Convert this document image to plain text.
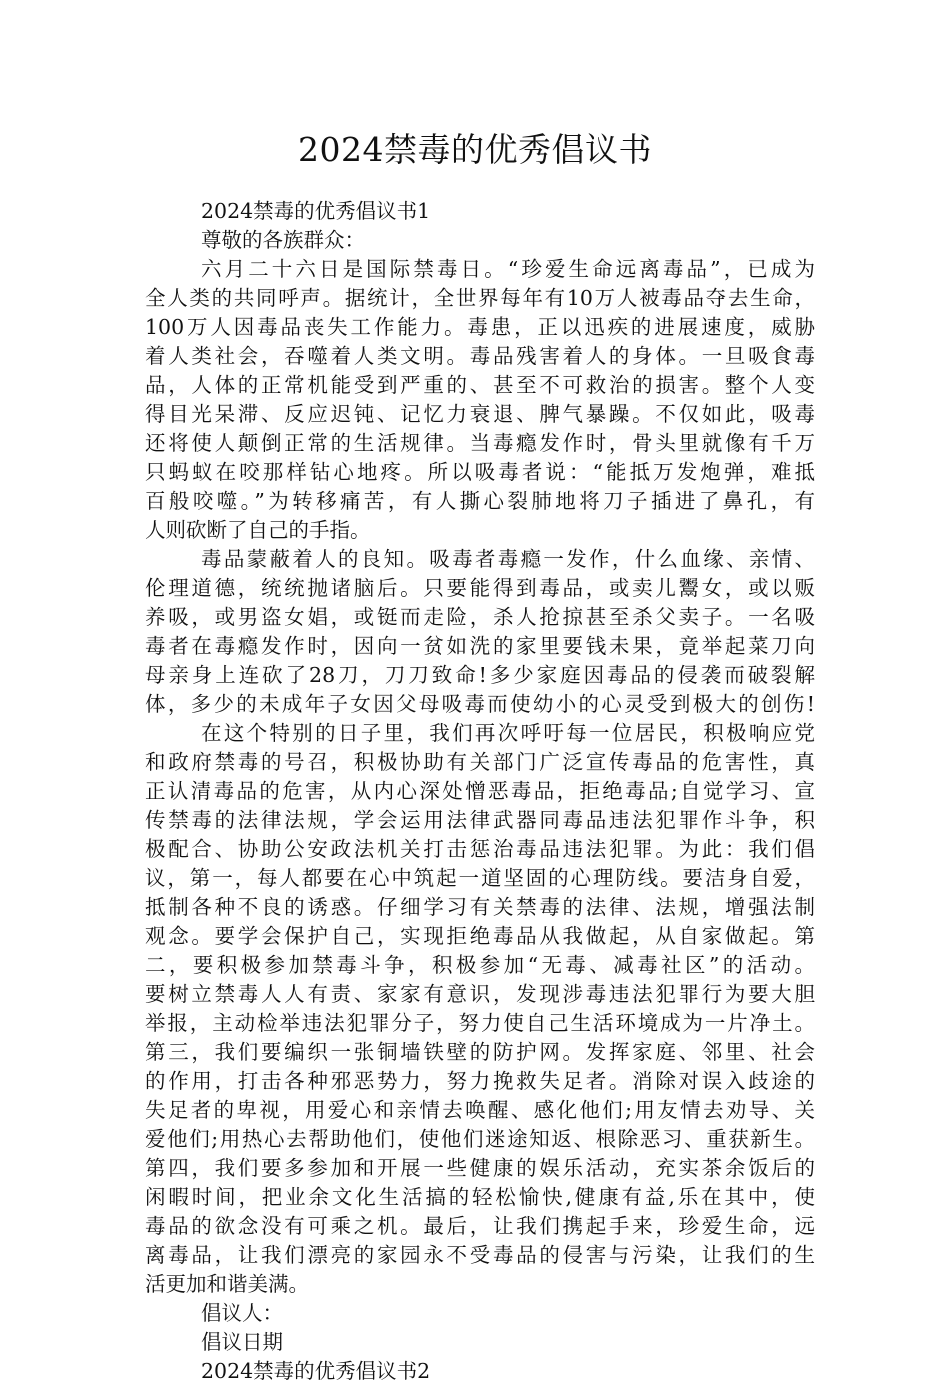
2024禁毒的优秀倡议书
2024禁毒的优秀倡议书1
尊敬的各族群众：
六月二十六日是国际禁毒日。“珍爱生命远离毒品”，已成为
全人类的共同呼声。据统计，全世界每年有10万人被毒品夺去生命，
100万人因毒品丧失工作能力。毒患，正以迅疾的进展速度，威胁
着人类社会，吞噬着人类文明。毒品残害着人的身体。一旦吸食毒
品，人体的正常机能受到严重的、甚至不可救治的损害。整个人变
得目光呆滞、反应迟钝、记忆力衰退、脾气暴躁。不仅如此，吸毒
还将使人颠倒正常的生活规律。当毒瘾发作时，骨头里就像有千万
只蚂蚁在咬那样钻心地疼。所以吸毒者说：“能抵万发炮弹，难抵
百般咬噬。”为转移痛苦，有人撕心裂肺地将刀子插进了鼻孔，有
人则砍断了自己的手指。
毒品蒙蔽着人的良知。吸毒者毒瘾一发作，什么血缘、亲情、
伦理道德，统统抛诸脑后。只要能得到毒品，或卖儿鬻女，或以贩
养吸，或男盗女娼，或铤而走险，杀人抢掠甚至杀父卖子。一名吸
毒者在毒瘾发作时，因向一贫如洗的家里要钱未果，竟举起菜刀向
母亲身上连砍了28刀，刀刀致命!多少家庭因毒品的侵袭而破裂解
体，多少的未成年子女因父母吸毒而使幼小的心灵受到极大的创伤!
在这个特别的日子里，我们再次呼吁每一位居民，积极响应党
和政府禁毒的号召，积极协助有关部门广泛宣传毒品的危害性，真
正认清毒品的危害，从内心深处憎恶毒品，拒绝毒品;自觉学习、宣
传禁毒的法律法规，学会运用法律武器同毒品违法犯罪作斗争，积
极配合、协助公安政法机关打击惩治毒品违法犯罪。为此：我们倡
议，第一，每人都要在心中筑起一道坚固的心理防线。要洁身自爱，
抵制各种不良的诱惑。仔细学习有关禁毒的法律、法规，增强法制
观念。要学会保护自己，实现拒绝毒品从我做起，从自家做起。第
二，要积极参加禁毒斗争，积极参加“无毒、减毒社区”的活动。
要树立禁毒人人有责、家家有意识，发现涉毒违法犯罪行为要大胆
举报，主动检举违法犯罪分子，努力使自己生活环境成为一片净土。
第三，我们要编织一张铜墙铁壁的防护网。发挥家庭、邻里、社会
的作用，打击各种邪恶势力，努力挽救失足者。消除对误入歧途的
失足者的卑视，用爱心和亲情去唤醒、感化他们;用友情去劝导、关
爱他们;用热心去帮助他们，使他们迷途知返、根除恶习、重获新生。
第四，我们要多参加和开展一些健康的娱乐活动，充实茶余饭后的
闲暇时间，把业余文化生活搞的轻松愉快,健康有益,乐在其中，使
毒品的欲念没有可乘之机。最后，让我们携起手来，珍爱生命，远
离毒品，让我们漂亮的家园永不受毒品的侵害与污染，让我们的生
活更加和谐美满。
倡议人：
倡议日期
2024禁毒的优秀倡议书2
